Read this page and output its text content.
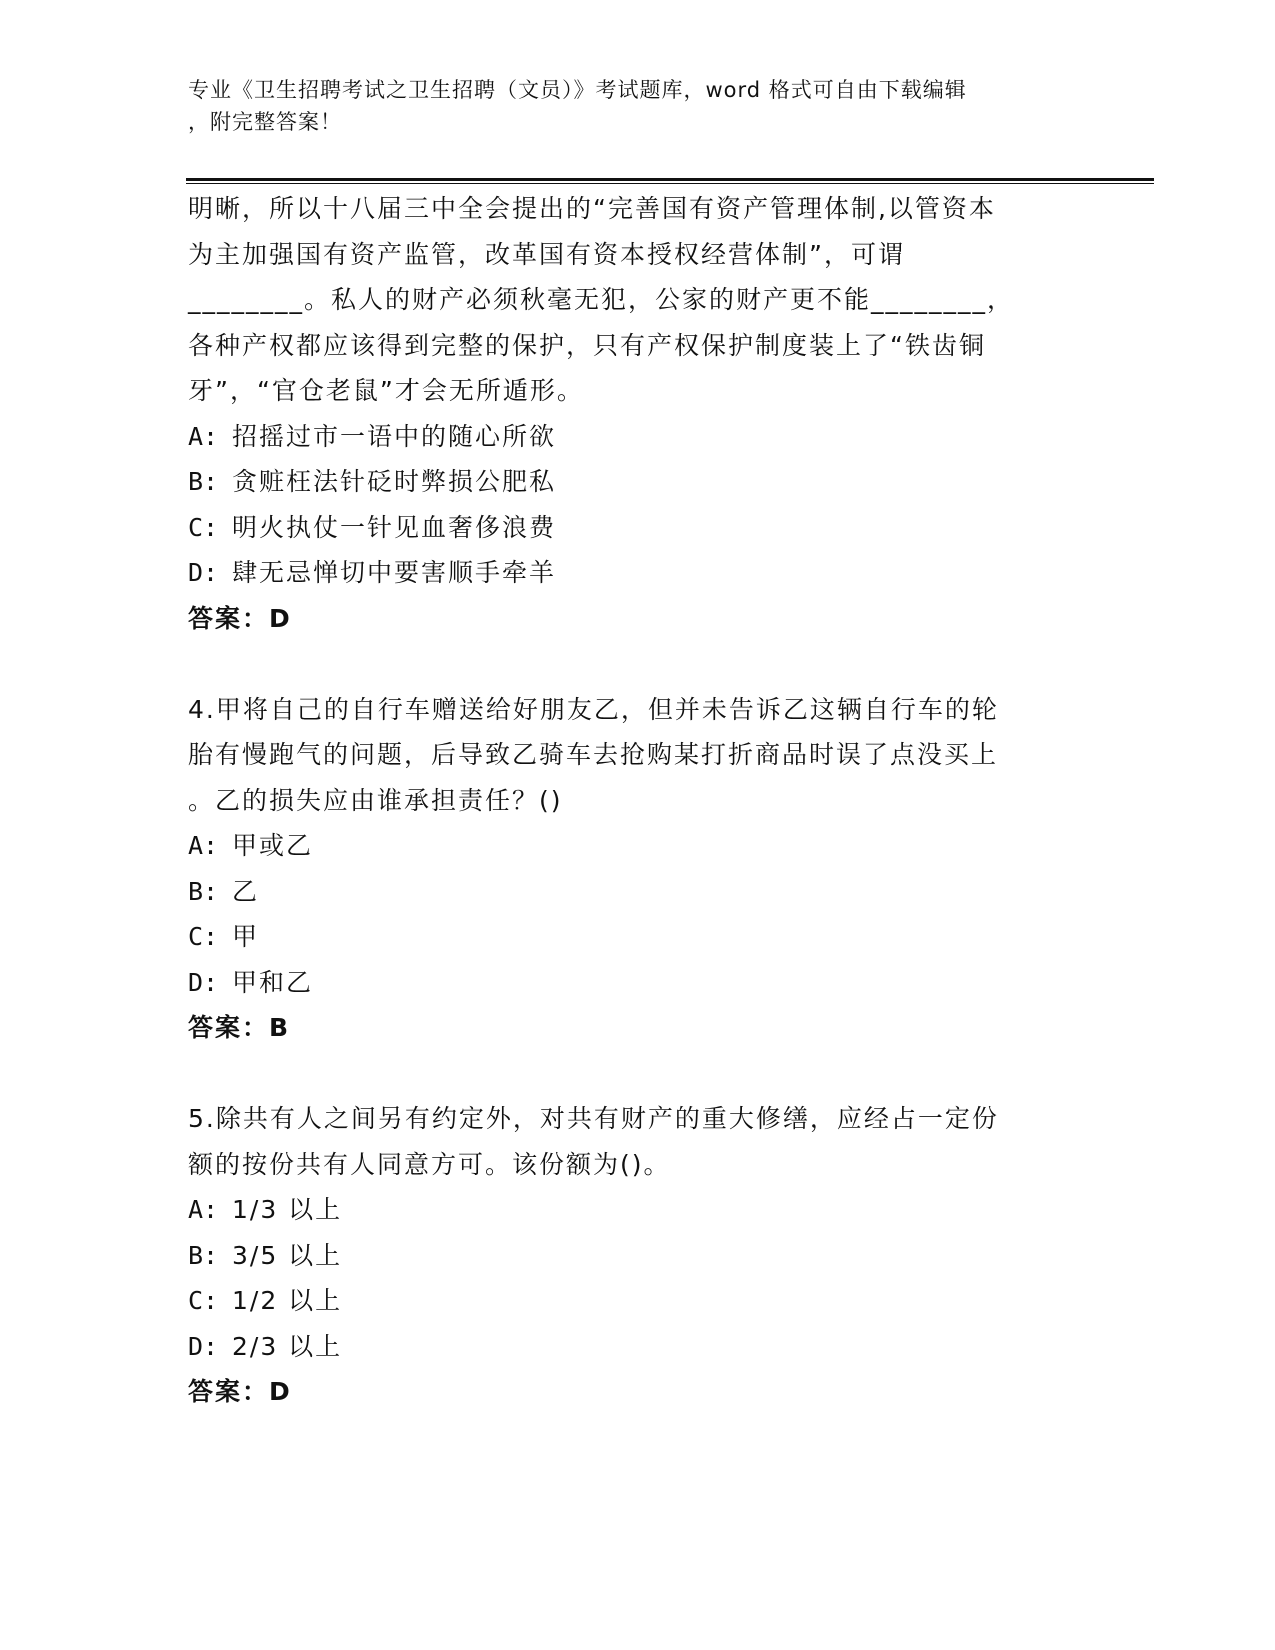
专业《卫生招聘考试之卫生招聘（文员）》考试题库，word 格式可自由下载编辑
，附完整答案！
明晰，所以十八届三中全会提出的“完善国有资产管理体制,以管资本
为主加强国有资产监管，改革国有资本授权经营体制”，可谓
________。私人的财产必须秋毫无犯，公家的财产更不能________，
各种产权都应该得到完整的保护，只有产权保护制度装上了“铁齿铜
牙”，“官仓老鼠”才会无所遁形。
A: 招摇过市一语中的随心所欲
B: 贪赃枉法针砭时弊损公肥私
C: 明火执仗一针见血奢侈浪费
D: 肆无忌惮切中要害顺手牵羊
答案：D
4.甲将自己的自行车赠送给好朋友乙，但并未告诉乙这辆自行车的轮
胎有慢跑气的问题，后导致乙骑车去抢购某打折商品时误了点没买上
。乙的损失应由谁承担责任？()
A: 甲或乙
B: 乙
C: 甲
D: 甲和乙
答案：B
5.除共有人之间另有约定外，对共有财产的重大修缮，应经占一定份
额的按份共有人同意方可。该份额为()。
A: 1/3 以上
B: 3/5 以上
C: 1/2 以上
D: 2/3 以上
答案：D
